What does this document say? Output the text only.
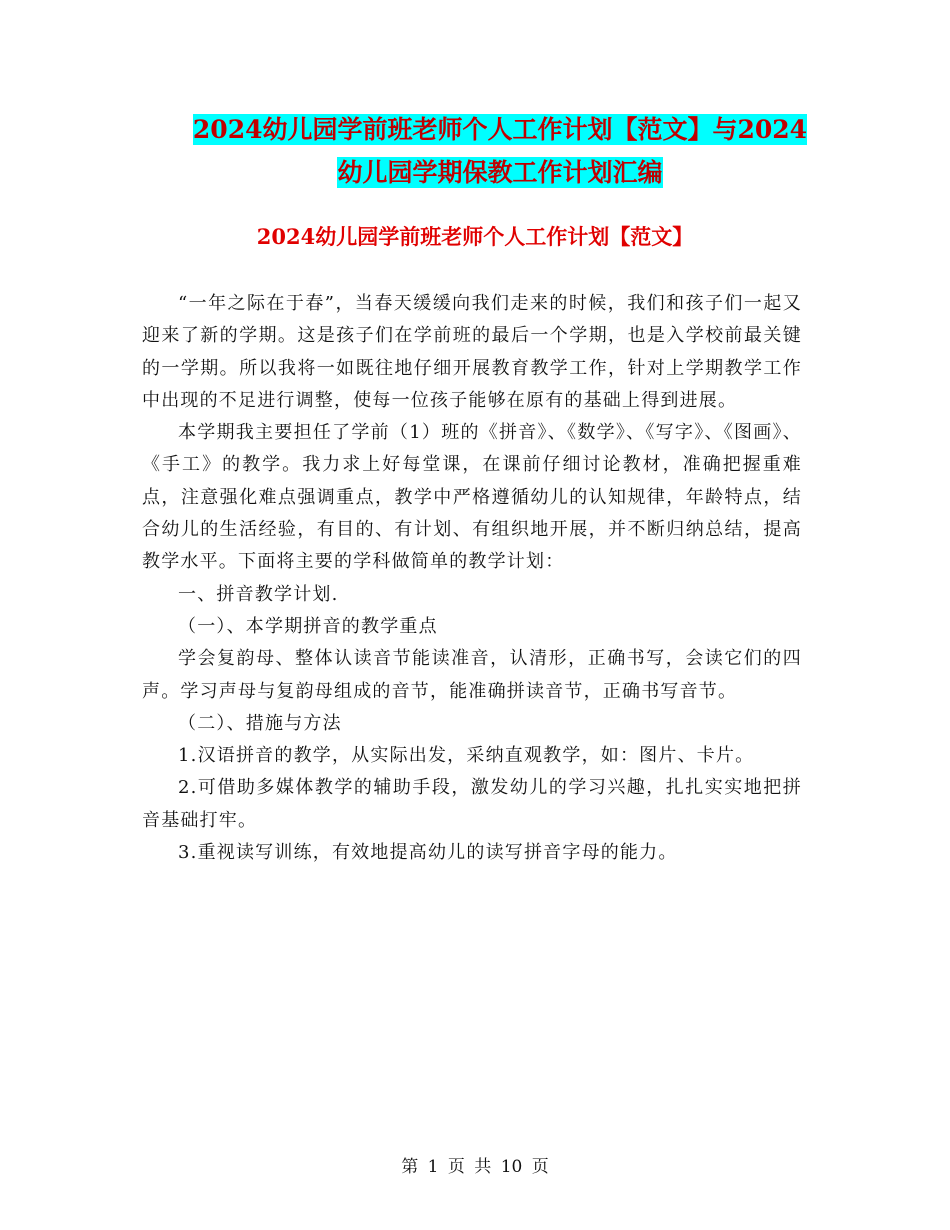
2024幼儿园学前班老师个人工作计划【范文】与2024
幼儿园学期保教工作计划汇编
2024幼儿园学前班老师个人工作计划【范文】

“一年之际在于春”，当春天缓缓向我们走来的时候，我们和孩子们一起又迎来了新的学期。这是孩子们在学前班的最后一个学期，也是入学校前最关键的一学期。所以我将一如既往地仔细开展教育教学工作，针对上学期教学工作中出现的不足进行调整，使每一位孩子能够在原有的基础上得到进展。

本学期我主要担任了学前（1）班的《拼音》、《数学》、《写字》、《图画》、《手工》的教学。我力求上好每堂课，在课前仔细讨论教材，准确把握重难点，注意强化难点强调重点，教学中严格遵循幼儿的认知规律，年龄特点，结合幼儿的生活经验，有目的、有计划、有组织地开展，并不断归纳总结，提高教学水平。下面将主要的学科做简单的教学计划：

一、拼音教学计划.

（一）、本学期拼音的教学重点

学会复韵母、整体认读音节能读准音，认清形，正确书写，会读它们的四声。学习声母与复韵母组成的音节，能准确拼读音节，正确书写音节。

（二）、措施与方法

1.汉语拼音的教学，从实际出发，采纳直观教学，如：图片、卡片。

2.可借助多媒体教学的辅助手段，激发幼儿的学习兴趣，扎扎实实地把拼音基础打牢。

3.重视读写训练，有效地提高幼儿的读写拼音字母的能力。

第 1 页 共 10 页
